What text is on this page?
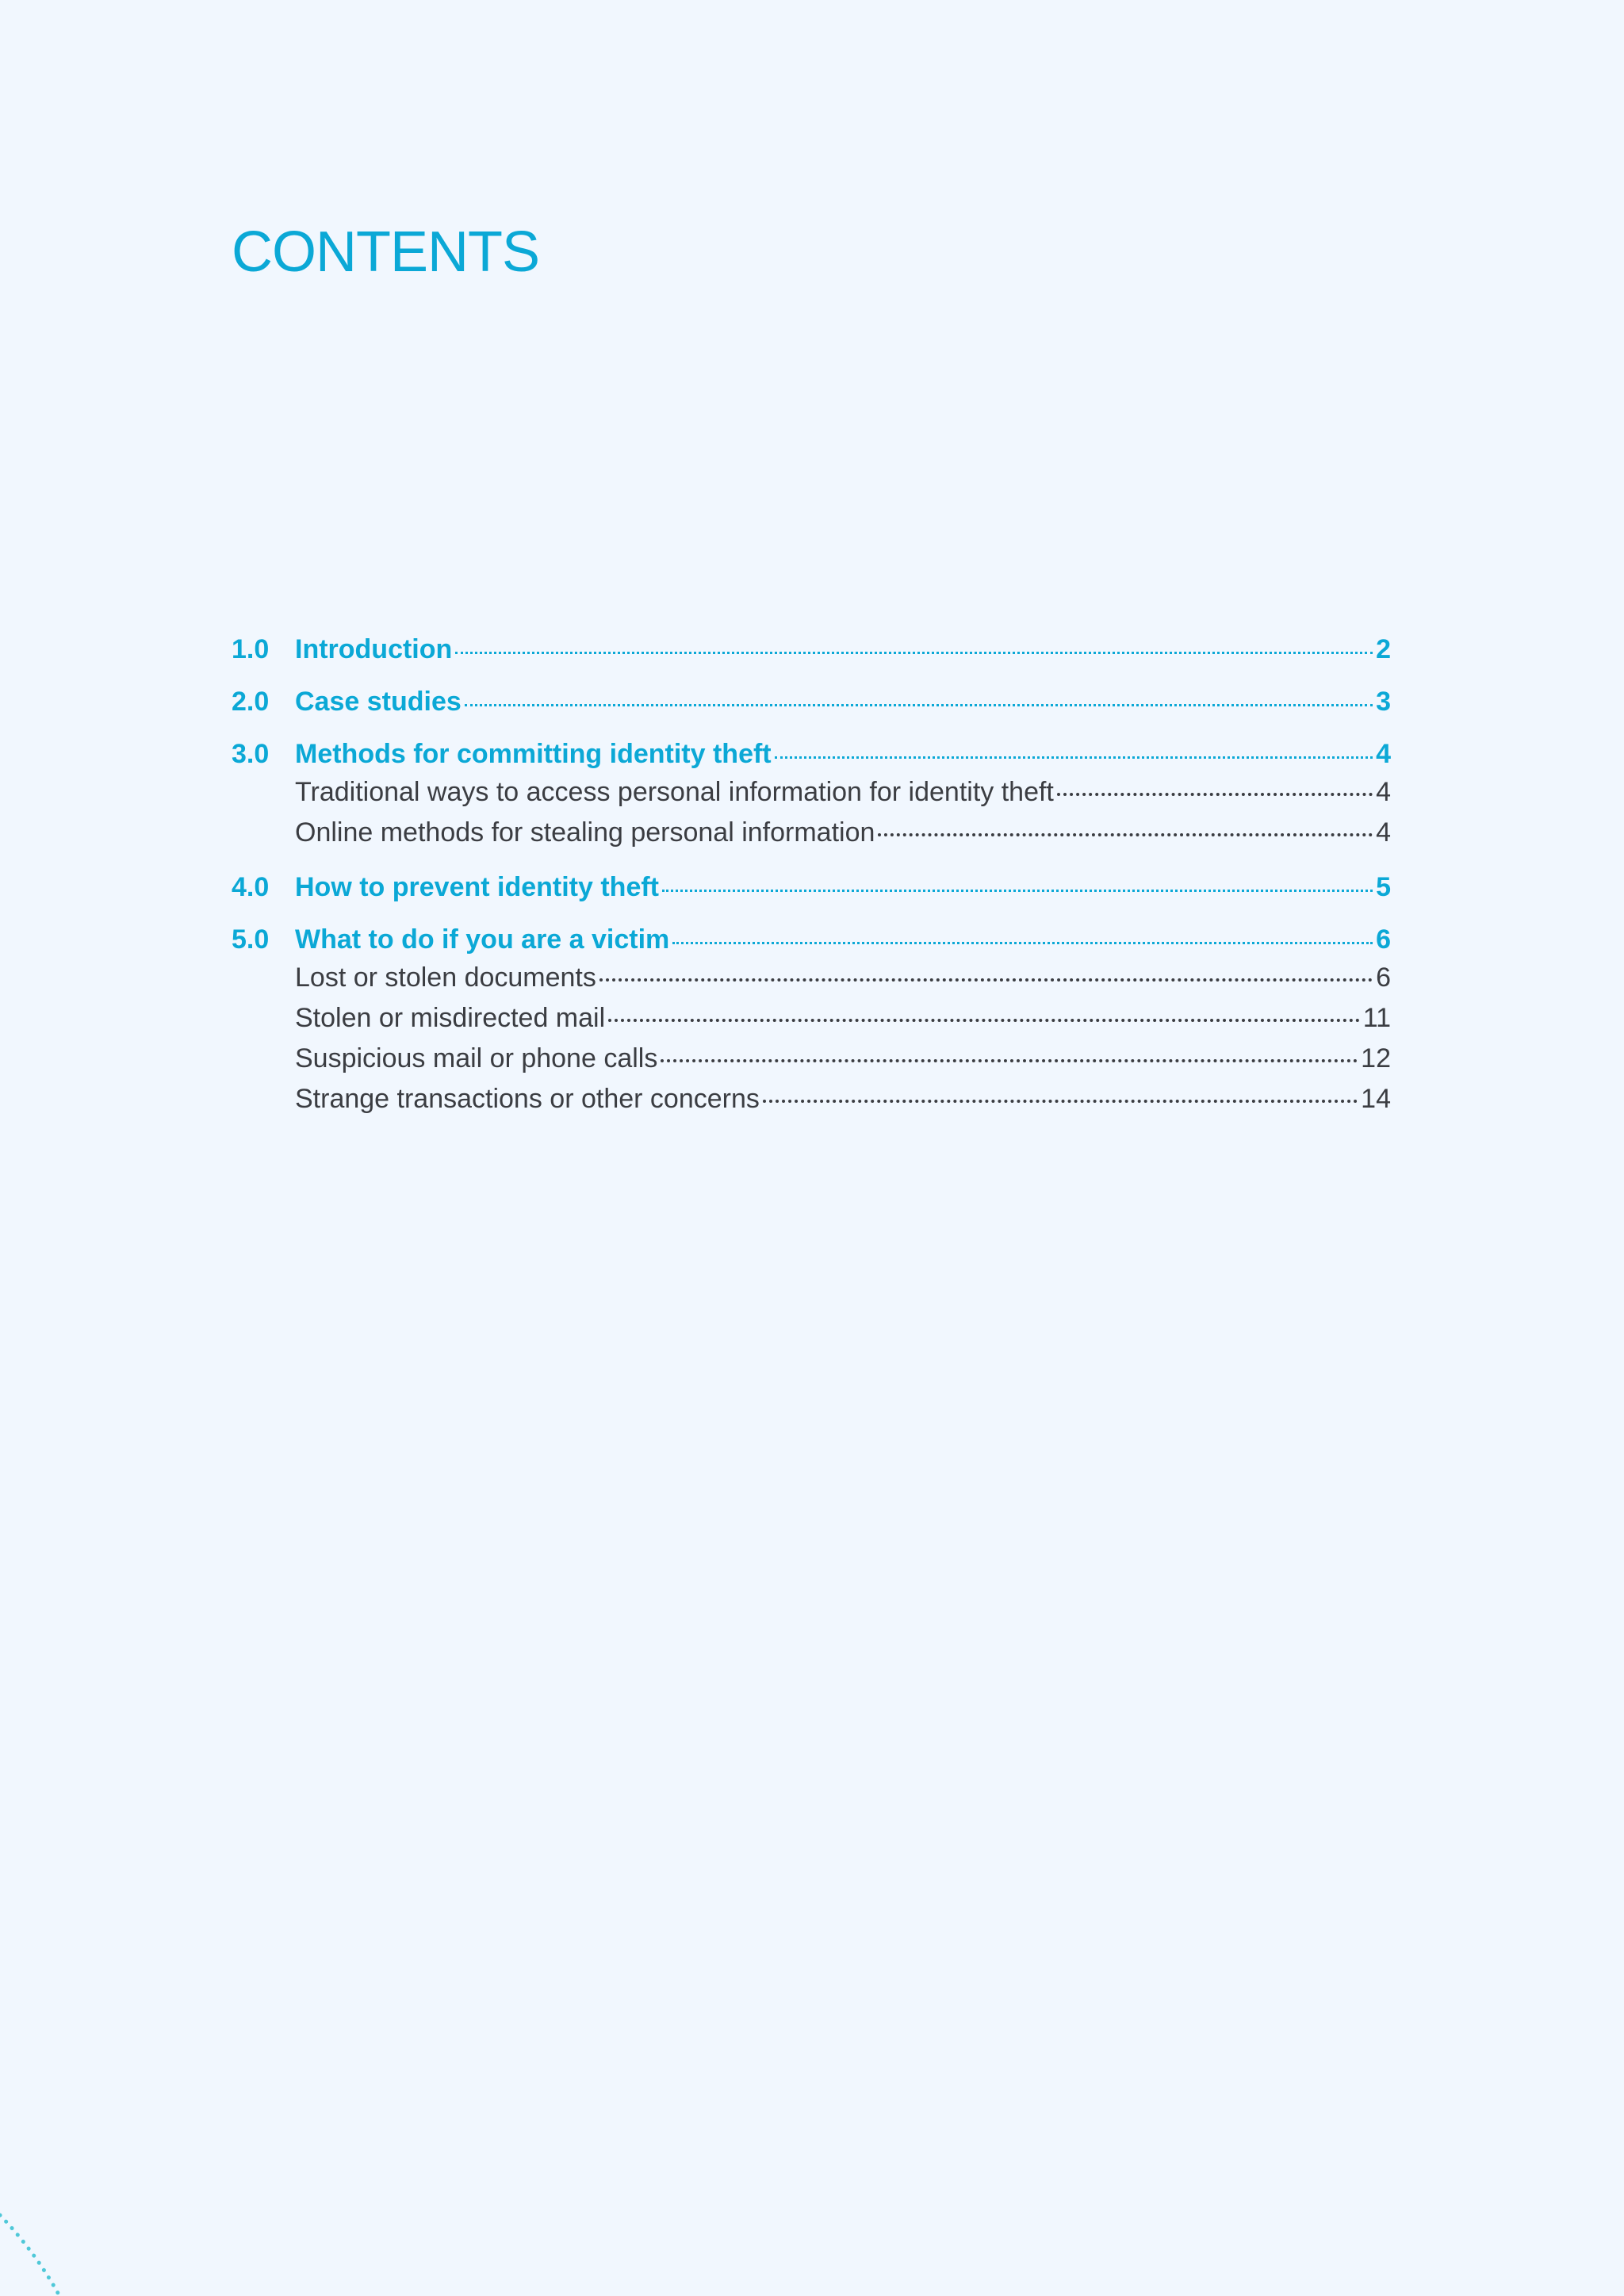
CONTENTS
1.0 Introduction	2
2.0 Case studies	3
3.0 Methods for committing identity theft	4
Traditional ways to access personal information for identity theft	4
Online methods for stealing personal information	4
4.0 How to prevent identity theft	5
5.0 What to do if you are a victim	6
Lost or stolen documents	6
Stolen or misdirected mail	11
Suspicious mail or phone calls	12
Strange transactions or other concerns	14
